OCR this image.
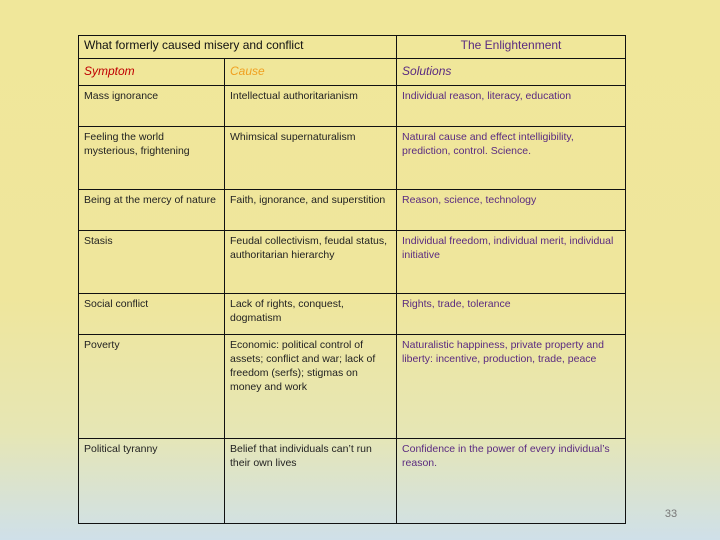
What formerly caused misery and conflict		The Enlightenment
Symptom	Cause	Solutions
Mass ignorance	Intellectual authoritarianism	Individual reason, literacy, education
Feeling the world mysterious, frightening	Whimsical supernaturalism	Natural cause and effect intelligibility, prediction, control. Science.
Being at the mercy of nature	Faith, ignorance, and superstition	Reason, science, technology
Stasis	Feudal collectivism, feudal status, authoritarian hierarchy	Individual freedom, individual merit, individual initiative
Social conflict	Lack of rights, conquest, dogmatism	Rights, trade, tolerance
Poverty	Economic: political control of assets; conflict and war; lack of freedom (serfs); stigmas on money and work	Naturalistic happiness, private property and liberty: incentive, production, trade, peace
Political tyranny	Belief that individuals can’t run their own lives	Confidence in the power of every individual’s reason.
33
